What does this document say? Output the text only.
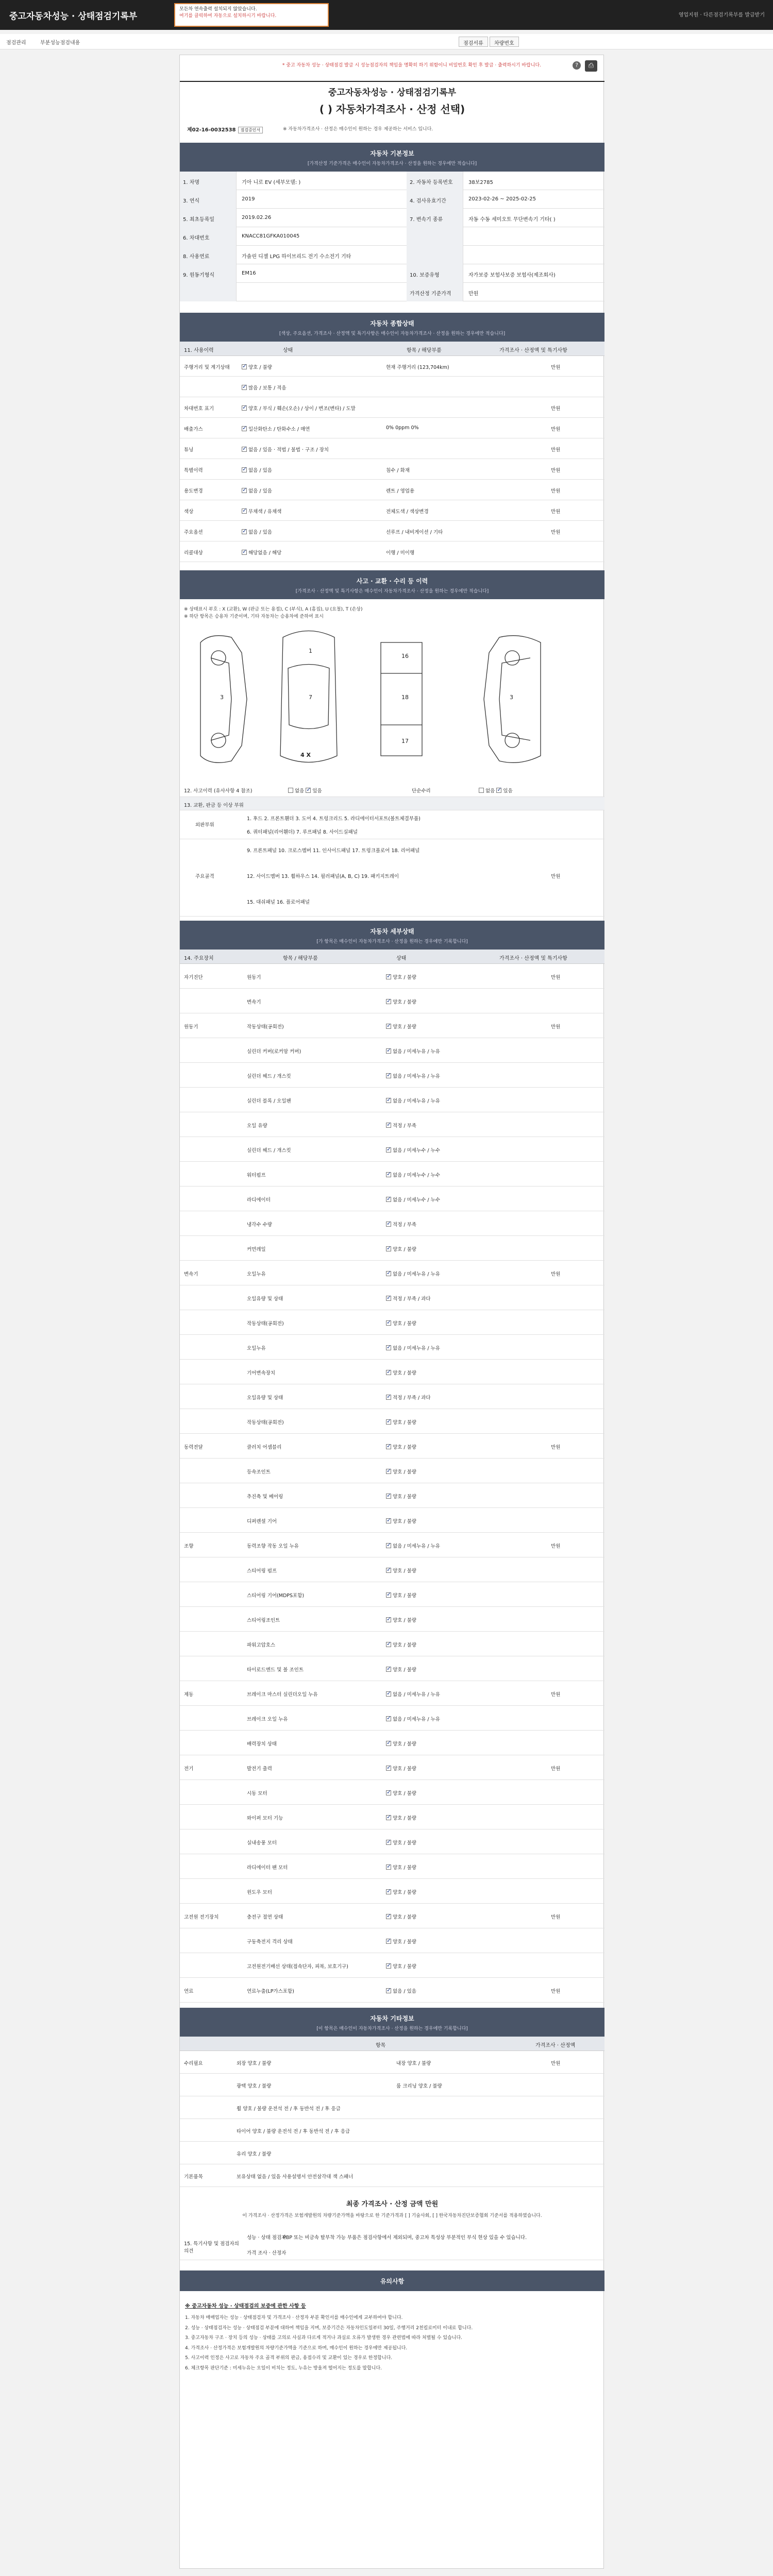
중고자동차성능 · 상태점검기록부
모든차 연속출력 설치되지 않았습니다.
여기를 클릭하여 자동으로 설치하시기 바랍니다.	영업지원 · 다른점검기록부를 발급받기
점검관리	부분성능점검내용	점검서류	차량번호
* 중고 자동차 성능 · 상태점검 발급 시 성능점검자의 책임을 명확히 하기 위함이니 비밀번호 확인 후 발급 · 출력하시기 바랍니다.	?	⎙
중고자동차성능 · 상태점검기록부
( ) 자동차가격조사 · 산정 선택)
제02-16-0032538 점검증인서	※ 자동차가격조사 · 산정은 매수인이 원하는 경우 제공하는 서비스 입니다.
자동차 기본정보
[가격산정 기준가격은 매수인이 자동차가격조사 · 산정을 원하는 경우에만 적습니다]
1. 차명	기아 니로 EV (세부모델: )	2. 자동차 등록번호	38보2785
3. 연식	2019	4. 검사유효기간	2023-02-26 ~ 2025-02-25
5. 최초등록일	2019.02.26	7. 변속기 종류	자동 수동 세미오토 무단변속기 기타( )
6. 차대번호	KNACC81GFKA010045
8. 사용연료	가솔린 디젤 LPG 하이브리드 전기 수소전기 기타
9. 원동기형식	EM16	10. 보증유형	자가보증 보험사보증 보험사(제조회사)
가격산정 기준가격	만원
자동차 종합상태
[색상, 주요옵션, 가격조사 · 산정액 및 특기사항은 매수인이 자동차가격조사 · 산정을 원하는 경우에만 적습니다]
11. 사용이력	상태	항목 / 해당부품	가격조사 · 산정액 및 특기사항
주행거리 및 계기상태 ✓	양호 / 불량	현재 주행거리 (123,704km)	만원
✓많음 / 보통 / 적음
차대번호 표기 ✓	양호 / 부식 / 훼손(오손) / 상이 / 변조(변타) / 도말	만원
배출가스 ✓	일산화탄소 / 탄화수소 / 매연	0% 0ppm 0%	만원
튜닝 ✓	없음 / 있음 · 적법 / 불법 · 구조 / 장치	만원
특별이력 ✓	없음 / 있음	침수 / 화재	만원
용도변경 ✓	없음 / 있음	렌트 / 영업용	만원
색상 ✓	무채색 / 유채색	전체도색 / 색상변경	만원
주요옵션 ✓	없음 / 있음	선루프 / 내비게이션 / 기타	만원
리콜대상 ✓	해당없음 / 해당	이행 / 미이행
사고 · 교환 · 수리 등 이력
[가격조사 · 산정액 및 특기사항은 매수인이 자동차가격조사 · 산정을 원하는 경우에만 적습니다]
※ 상태표시 부호 : X (교환), W (판금 또는 용접), C (부식), A (흠집), U (요철), T (손상)
※ 하단 항목은 승용차 기준이며, 기타 자동차는 승용차에 준하여 표시
1
7
16
18
17
3	3
4 X
12. 사고이력 (유사사항 4 참조)	없음 ✓있음	단순수리	없음 ✓있음
13. 교환, 판금 등 이상 부위
외판부위
1. 후드 2. 프론트휀더 3. 도어 4. 트렁크리드 5. 라디에이터서포트(볼트체결부품)
6. 쿼터패널(리어휀더) 7. 루프패널 8. 사이드실패널
주요골격
9. 프론트패널 10. 크로스멤버 11. 인사이드패널 17. 트렁크플로어 18. 리어패널
12. 사이드멤버 13. 휠하우스 14. 필러패널(A, B, C) 19. 패키지트레이
15. 대쉬패널 16. 플로어패널
만원
자동차 세부상태
[가 항목은 매수인이 자동차가격조사 · 산정을 원하는 경우에만 기록합니다]
14. 주요장치	항목 / 해당부품	상태	가격조사 · 산정액 및 특기사항
자기진단	원동기 ✓	양호 / 불량	만원
변속기 ✓	양호 / 불량
원동기	작동상태(공회전) ✓	양호 / 불량	만원
실린더 커버(로커암 커버) ✓	없음 / 미세누유 / 누유
실린더 헤드 / 개스킷 ✓	없음 / 미세누유 / 누유
실린더 블록 / 오일팬 ✓	없음 / 미세누유 / 누유
오일 유량 ✓	적정 / 부족
실린더 헤드 / 개스킷 ✓	없음 / 미세누수 / 누수
워터펌프 ✓	없음 / 미세누수 / 누수
라디에이터 ✓	없음 / 미세누수 / 누수
냉각수 수량 ✓	적정 / 부족
커먼레일 ✓	양호 / 불량
변속기	오일누유 ✓	없음 / 미세누유 / 누유	만원
오일유량 및 상태 ✓	적정 / 부족 / 과다
작동상태(공회전) ✓	양호 / 불량
오일누유 ✓	없음 / 미세누유 / 누유
기어변속장치 ✓	양호 / 불량
오일유량 및 상태 ✓	적정 / 부족 / 과다
작동상태(공회전) ✓	양호 / 불량
동력전달	클러치 어셈블리 ✓	양호 / 불량	만원
등속조인트 ✓	양호 / 불량
추진축 및 베어링 ✓	양호 / 불량
디퍼렌셜 기어 ✓	양호 / 불량
조향	동력조향 작동 오일 누유 ✓	없음 / 미세누유 / 누유	만원
스티어링 펌프 ✓	양호 / 불량
스티어링 기어(MDPS포함) ✓	양호 / 불량
스티어링조인트 ✓	양호 / 불량
파워고압호스 ✓	양호 / 불량
타이로드엔드 및 볼 조인트 ✓	양호 / 불량
제동	브레이크 마스터 실린더오일 누유 ✓	없음 / 미세누유 / 누유	만원
브레이크 오일 누유 ✓	없음 / 미세누유 / 누유
배력장치 상태 ✓	양호 / 불량
전기	발전기 출력 ✓	양호 / 불량	만원
시동 모터 ✓	양호 / 불량
와이퍼 모터 기능 ✓	양호 / 불량
실내송풍 모터 ✓	양호 / 불량
라디에이터 팬 모터 ✓	양호 / 불량
윈도우 모터 ✓	양호 / 불량
고전원 전기장치	충전구 절연 상태 ✓	양호 / 불량	만원
구동축전지 격리 상태 ✓	양호 / 불량
고전원전기배선 상태(접속단자, 피복, 보호기구) ✓	양호 / 불량
연료	연료누출(LP가스포함) ✓	없음 / 있음	만원
자동차 기타정보
[이 항목은 매수인이 자동차가격조사 · 산정을 원하는 경우에만 기록합니다]
항목	가격조사 · 산정액
수리필요	외장 양호 / 불량	내장 양호 / 불량	만원
광택 양호 / 불량	룸 크리닝 양호 / 불량
휠 양호 / 불량 운전석 전 / 후 동반석 전 / 후 응급
타이어 양호 / 불량 운전석 전 / 후 동반석 전 / 후 응급
유리 양호 / 불량
기본품목	보유상태 없음 / 있음 사용설명서 안전삼각대 잭 스패너
최종 가격조사 · 산정 금액 만원
이 가격조사 · 산정가격은 보험개발원의 차량기준가액을 바탕으로 한 기준가격과 [ ] 기술사회, [ ] 한국자동차진단보증협회 기준서를 적용하였습니다.
15. 특기사항 및 점검자의 의견
성능 · 상태 점검자
PBP 또는 비금속 탈부착 가능 부품은 점검사항에서 제외되며, 중고차 특성상 부분적인 부식 현상 있을 수 있습니다.
가격 조사 · 산정자
유의사항
※ 중고자동차 성능 · 상태점검의 보증에 관한 사항 등
1. 자동차 매매업자는 성능 · 상태점검자 및 가격조사 · 산정자 부분 확인서를 매수인에게 교부하여야 합니다.
2. 성능 · 상태점검자는 성능 · 상태점검 부분에 대하여 책임을 지며, 보증기간은 자동차인도일부터 30일, 주행거리 2천킬로미터 이내로 합니다.
3. 중고자동차 구조 · 장치 등의 성능 · 상태를 고의로 사실과 다르게 적거나 과실로 오류가 발생한 경우 관련법에 따라 처벌될 수 있습니다.
4. 가격조사 · 산정가격은 보험개발원의 차량기준가액을 기준으로 하며, 매수인이 원하는 경우에만 제공됩니다.
5. 사고이력 인정은 사고로 자동차 주요 골격 부위의 판금, 용접수리 및 교환이 있는 경우로 한정합니다.
6. 체크항목 판단기준 : 미세누유는 오일이 비치는 정도, 누유는 방울져 떨어지는 정도를 말합니다.
